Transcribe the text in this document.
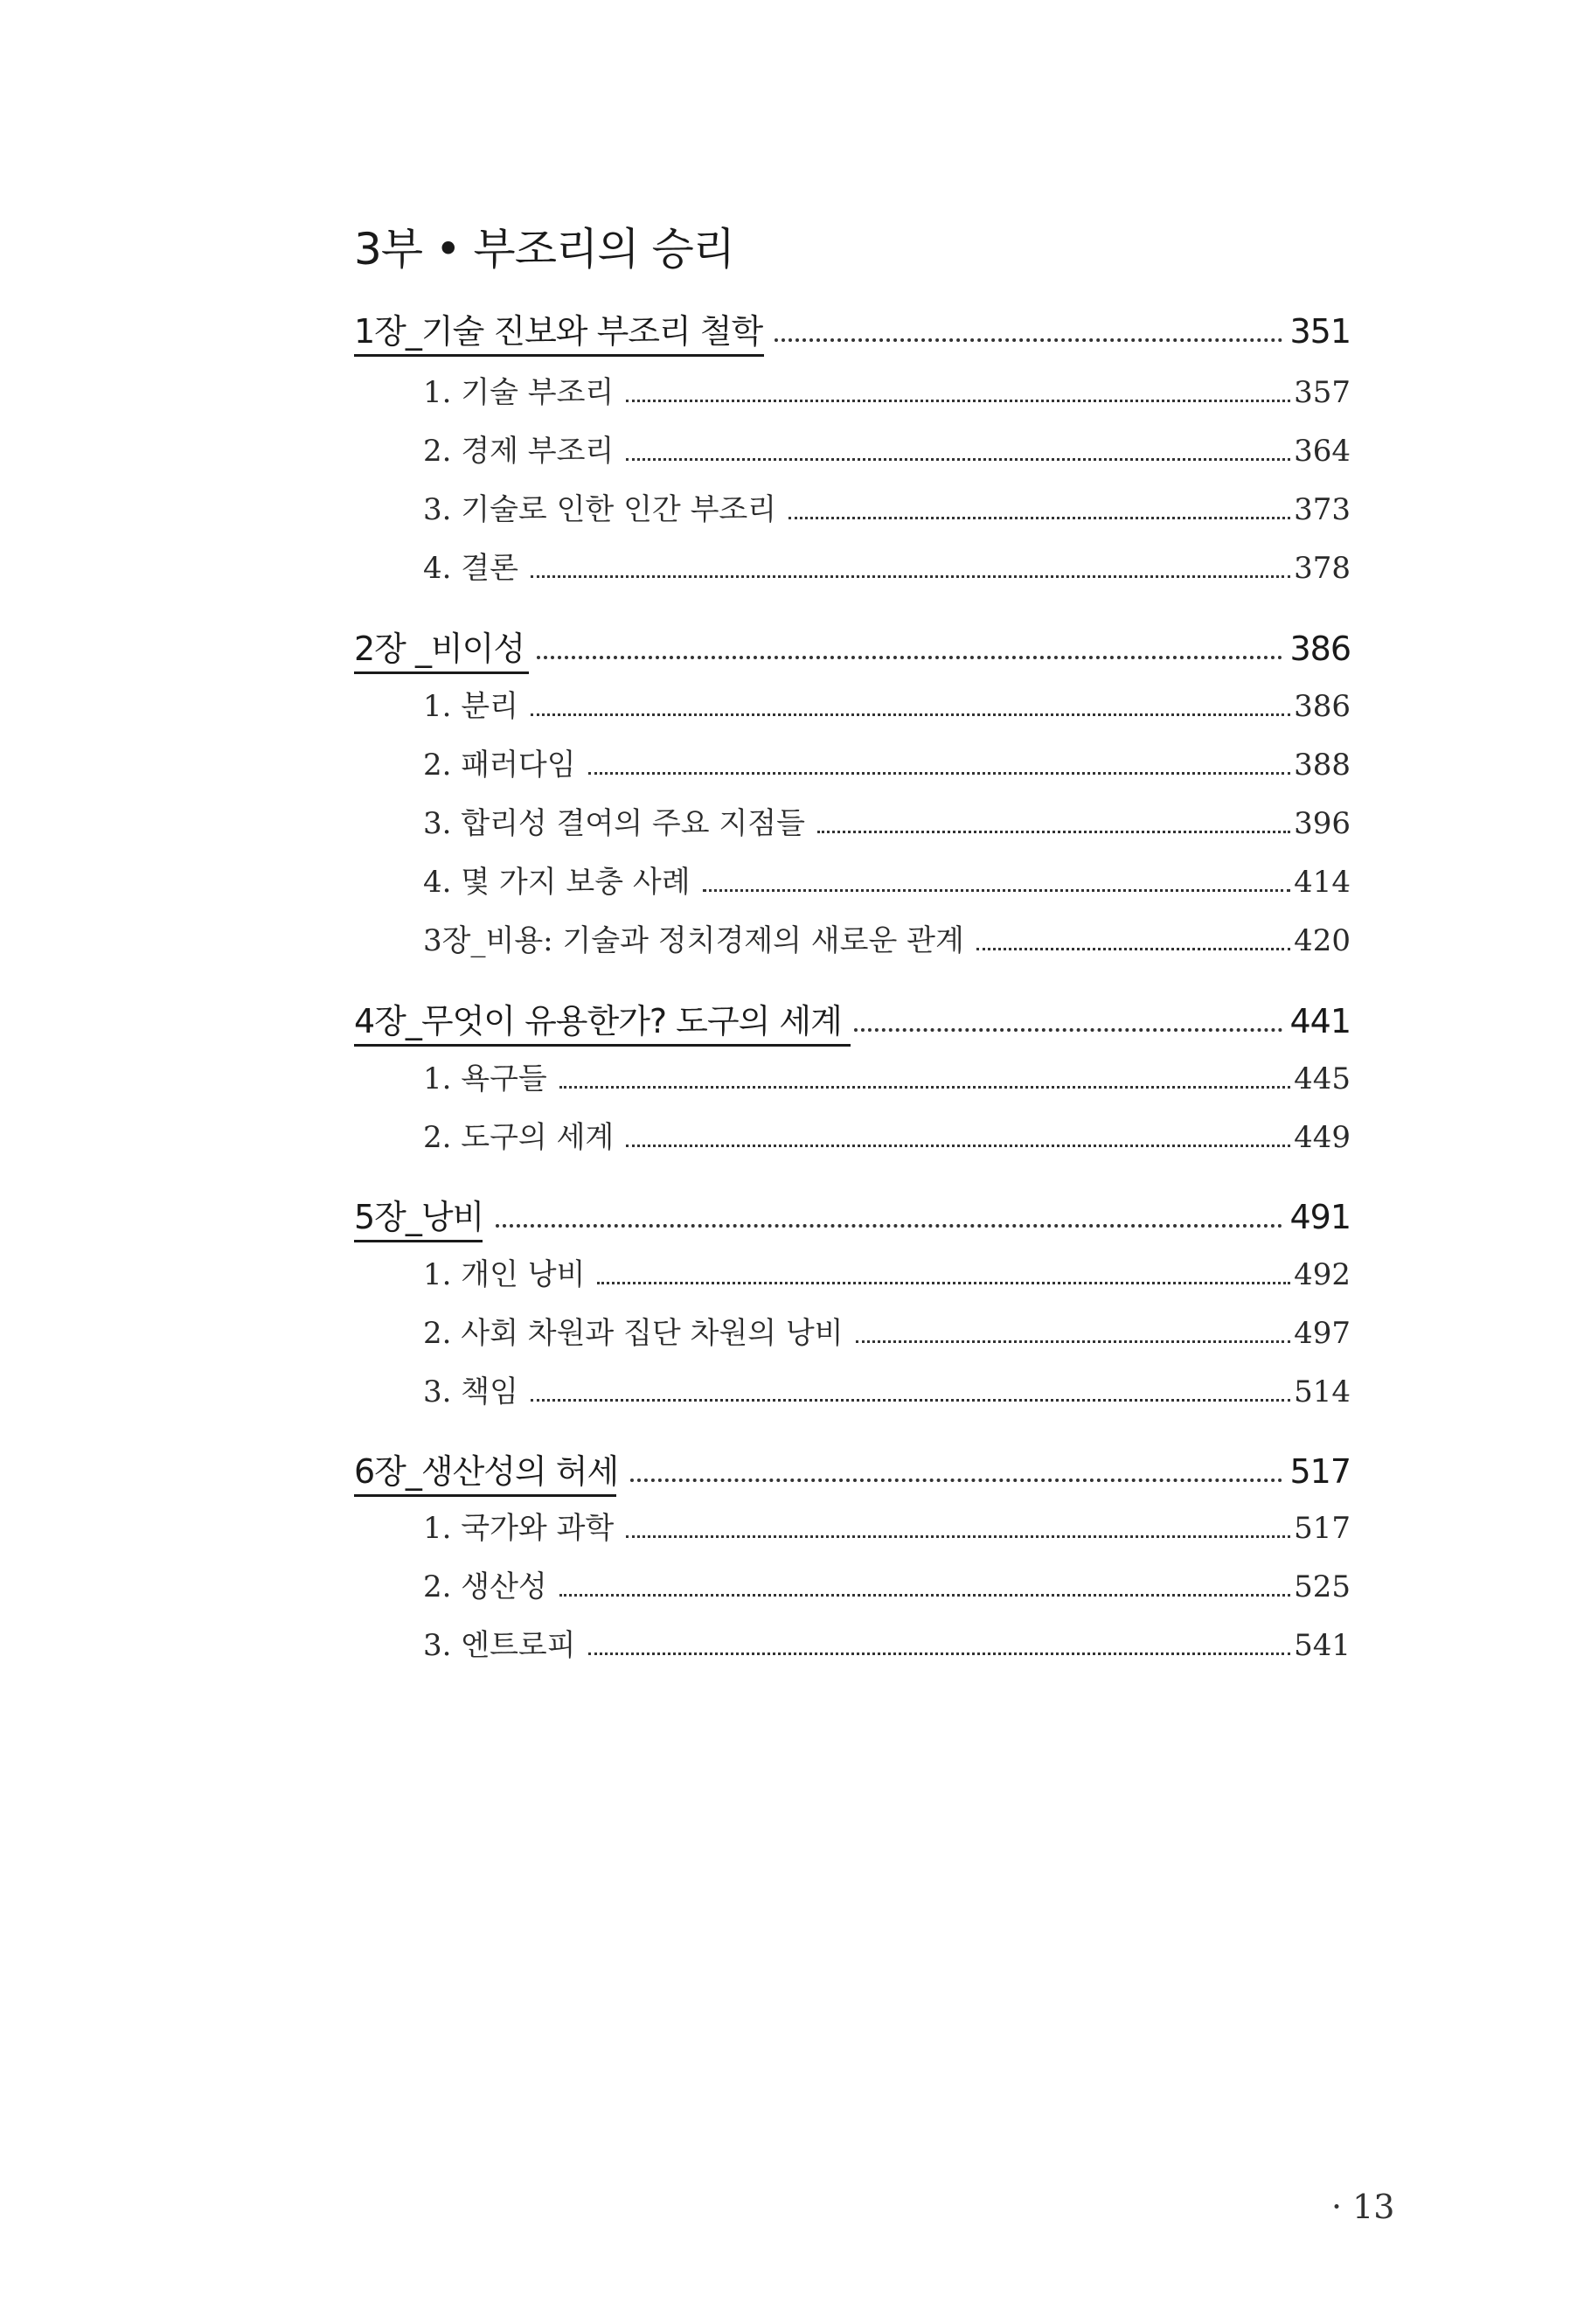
3부 • 부조리의 승리
1장_기술 진보와 부조리 철학	351
1. 기술 부조리	357
2. 경제 부조리	364
3. 기술로 인한 인간 부조리	373
4. 결론	378
2장 _비이성	386
1. 분리	386
2. 패러다임	388
3. 합리성 결여의 주요 지점들	396
4. 몇 가지 보충 사례	414
3장_비용: 기술과 정치경제의 새로운 관계	420
4장_무엇이 유용한가? 도구의 세계	441
1. 욕구들	445
2. 도구의 세계	449
5장_낭비	491
1. 개인 낭비	492
2. 사회 차원과 집단 차원의 낭비	497
3. 책임	514
6장_생산성의 허세	517
1. 국가와 과학	517
2. 생산성	525
3. 엔트로피	541
· 13
